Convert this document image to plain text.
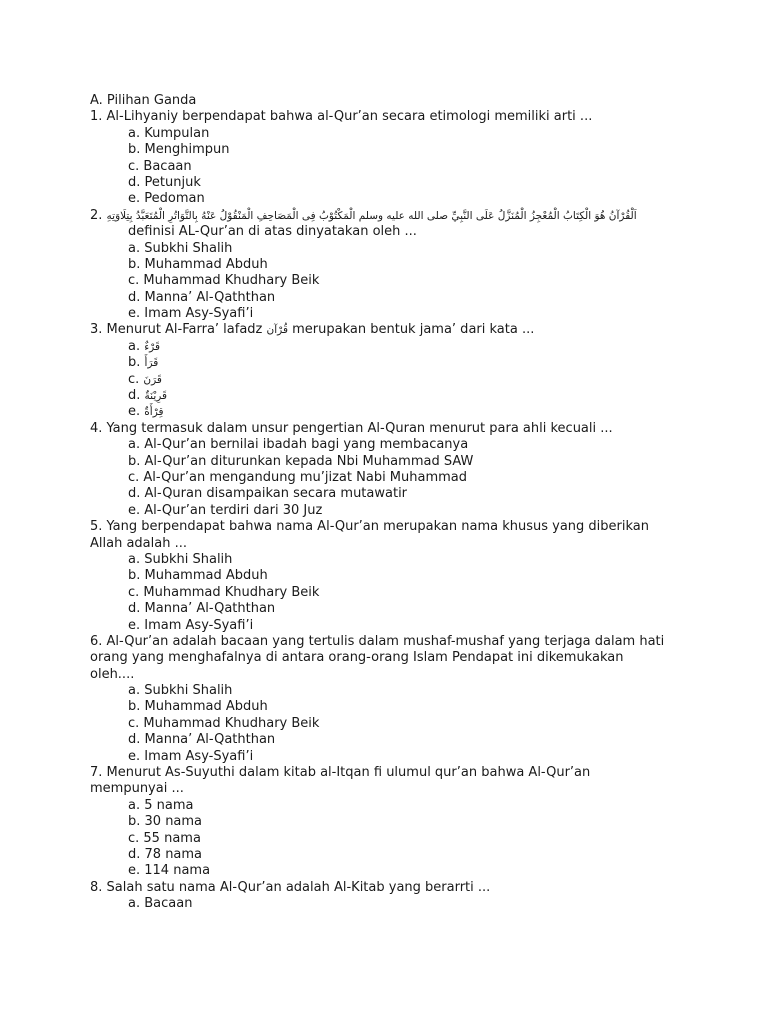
A. Pilihan Ganda
1. Al-Lihyaniy berpendapat bahwa al-Qur’an secara etimologi memiliki arti ...
a. Kumpulan
b. Menghimpun
c. Bacaan
d. Petunjuk
e. Pedoman
2. اَلْقُرْآنُ هُوَ الْكِتَابُ الْمُعْجِزُ الْمُنَزَّلُ عَلَى النَّبِيِّ صلى الله عليه وسلم الْمَكْتُوْبُ فِى الْمَصَاحِفِ الْمَنْقُوْلُ عَنْهُ بِالتَّوَاتُرِ الْمُتَعَبَّدُ بِتِلَاوَتِهِ
definisi AL-Qur’an di atas dinyatakan oleh ...
a. Subkhi Shalih
b. Muhammad Abduh
c. Muhammad Khudhary Beik
d. Manna’ Al-Qaththan
e. Imam Asy-Syafi’i
3. Menurut Al-Farra’ lafadz قُرْآن merupakan bentuk jama’ dari kata ...
a. قَرْءٌ
b. قَرَأَ
c. قَرَنَ
d. قَرِيْنَةٌ
e. قِرْأَةٌ
4. Yang termasuk dalam unsur pengertian Al-Quran menurut para ahli kecuali ...
a. Al-Qur’an bernilai ibadah bagi yang membacanya
b. Al-Qur’an diturunkan kepada Nbi Muhammad SAW
c. Al-Qur’an mengandung mu’jizat Nabi Muhammad
d. Al-Quran disampaikan secara mutawatir
e. Al-Qur’an terdiri dari 30 Juz
5. Yang berpendapat bahwa nama Al-Qur’an merupakan nama khusus yang diberikan
Allah adalah ...
a. Subkhi Shalih
b. Muhammad Abduh
c. Muhammad Khudhary Beik
d. Manna’ Al-Qaththan
e. Imam Asy-Syafi’i
6. Al-Qur’an adalah bacaan yang tertulis dalam mushaf-mushaf yang terjaga dalam hati
orang yang menghafalnya di antara orang-orang Islam Pendapat ini dikemukakan
oleh....
a. Subkhi Shalih
b. Muhammad Abduh
c. Muhammad Khudhary Beik
d. Manna’ Al-Qaththan
e. Imam Asy-Syafi’i
7. Menurut As-Suyuthi dalam kitab al-Itqan fi ulumul qur’an bahwa Al-Qur’an
mempunyai ...
a. 5 nama
b. 30 nama
c. 55 nama
d. 78 nama
e. 114 nama
8. Salah satu nama Al-Qur’an adalah Al-Kitab yang berarrti ...
a. Bacaan
